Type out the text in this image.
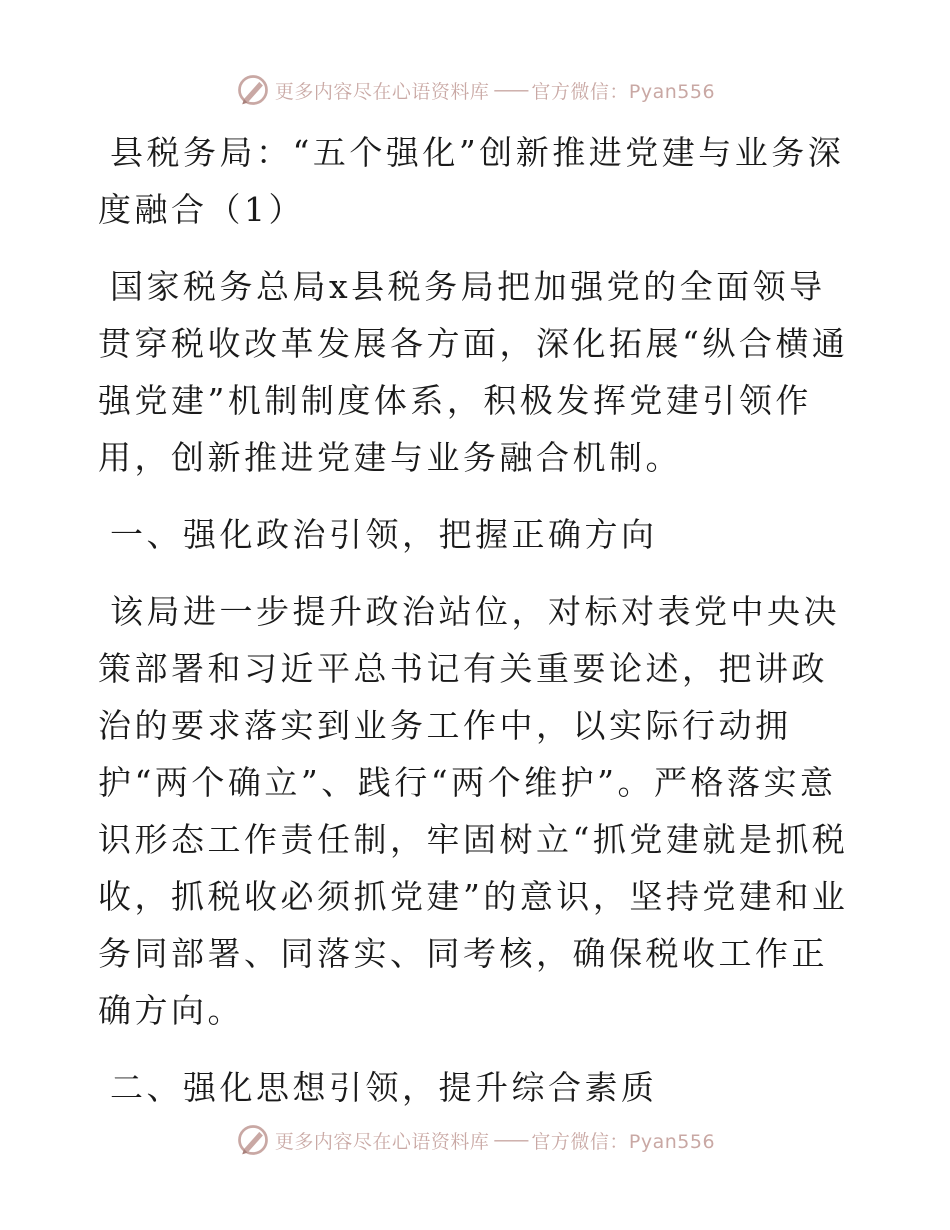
更多内容尽在心语资料库 —— 官方微信：Pyan556

县税务局：“五个强化”创新推进党建与业务深度融合（1）

国家税务总局x县税务局把加强党的全面领导贯穿税收改革发展各方面，深化拓展“纵合横通强党建”机制制度体系，积极发挥党建引领作用，创新推进党建与业务融合机制。

一、强化政治引领，把握正确方向

该局进一步提升政治站位，对标对表党中央决策部署和习近平总书记有关重要论述，把讲政治的要求落实到业务工作中，以实际行动拥护“两个确立”、践行“两个维护”。严格落实意识形态工作责任制，牢固树立“抓党建就是抓税收，抓税收必须抓党建”的意识，坚持党建和业务同部署、同落实、同考核，确保税收工作正确方向。

二、强化思想引领，提升综合素质

更多内容尽在心语资料库 —— 官方微信：Pyan556
